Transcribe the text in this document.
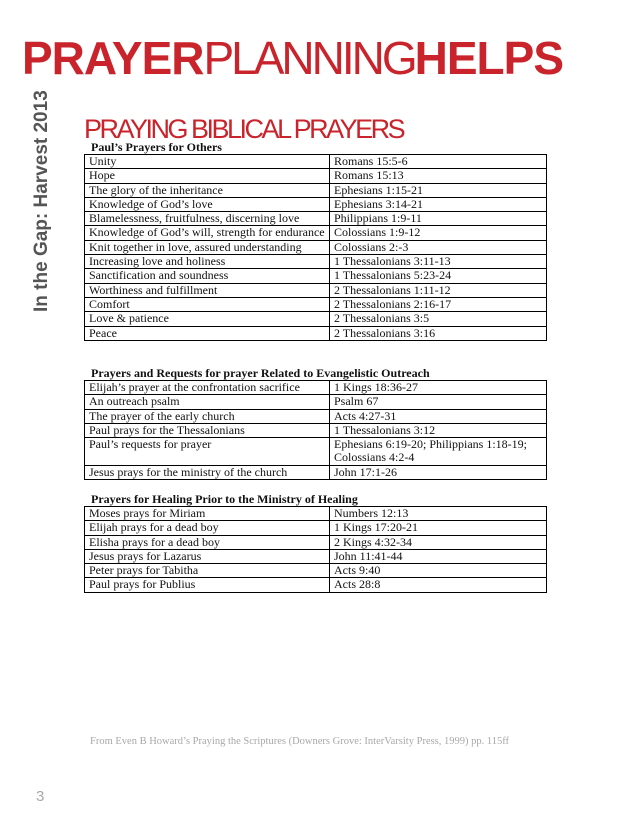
PRAYERPLANNINGHELPS
In the Gap: Harvest 2013 PRAYING BIBLICAL PRAYERS
Paul’s Prayers for Others
Unity	Romans 15:5-6
Hope	Romans 15:13
The glory of the inheritance	Ephesians 1:15-21
Knowledge of God’s love	Ephesians 3:14-21
Blamelessness, fruitfulness, discerning love	Philippians 1:9-11
Knowledge of God’s will, strength for endurance	Colossians 1:9-12
Knit together in love, assured understanding	Colossians 2:-3
Increasing love and holiness	1 Thessalonians 3:11-13
Sanctification and soundness	1 Thessalonians 5:23-24
Worthiness and fulfillment	2 Thessalonians 1:11-12
Comfort	2 Thessalonians 2:16-17
Love & patience	2 Thessalonians 3:5
Peace	2 Thessalonians 3:16
Prayers and Requests for prayer Related to Evangelistic Outreach
Elijah’s prayer at the confrontation sacrifice	1 Kings 18:36-27
An outreach psalm	Psalm 67
The prayer of the early church	Acts 4:27-31
Paul prays for the Thessalonians	1 Thessalonians 3:12
Paul’s requests for prayer	Ephesians 6:19-20; Philippians 1:18-19; Colossians 4:2-4
Jesus prays for the ministry of the church	John 17:1-26
Prayers for Healing Prior to the Ministry of Healing
Moses prays for Miriam	Numbers 12:13
Elijah prays for a dead boy	1 Kings 17:20-21
Elisha prays for a dead boy	2 Kings 4:32-34
Jesus prays for Lazarus	John 11:41-44
Peter prays for Tabitha	Acts 9:40
Paul prays for Publius	Acts 28:8
From Even B Howard’s Praying the Scriptures (Downers Grove: InterVarsity Press, 1999) pp. 115ff
3
